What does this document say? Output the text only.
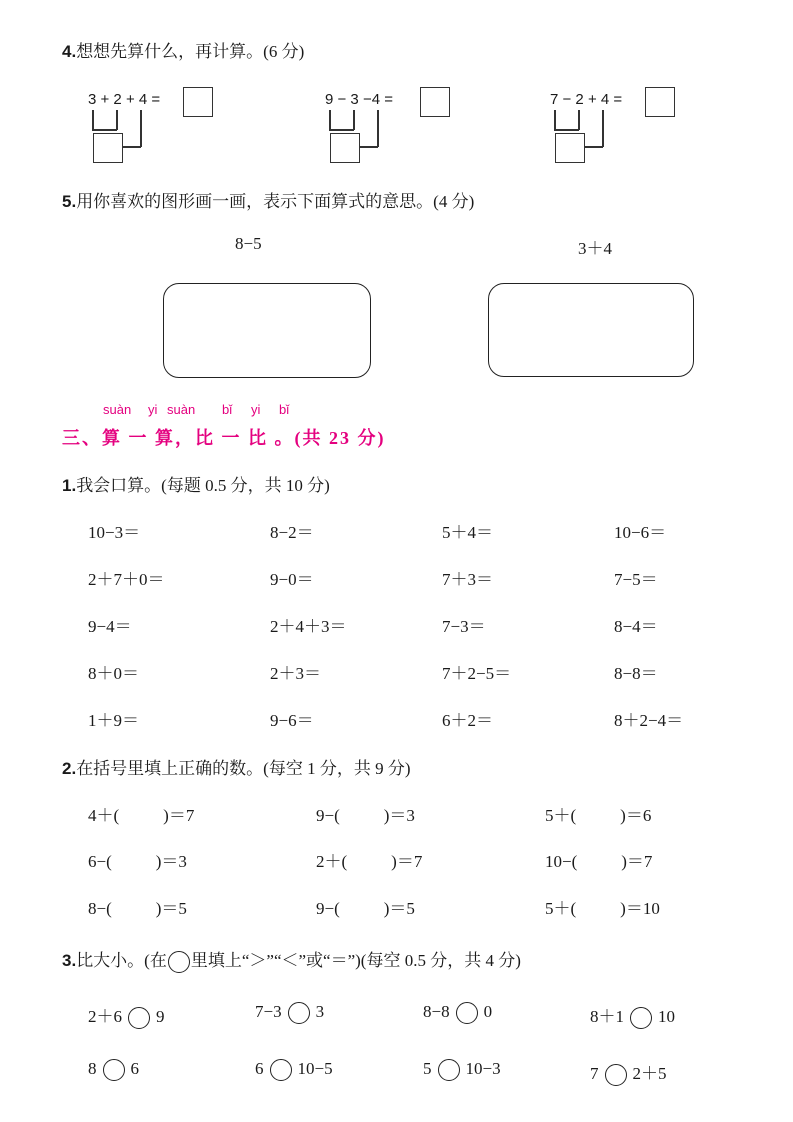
4.想想先算什么，再计算。(6 分)
3 + 2 + 4 =	9 − 3 −4 =	7 − 2 + 4 =
5.用你喜欢的图形画一画，表示下面算式的意思。(4 分)
8−5	3＋4
suàn yi suàn bǐ yi bǐ
三、算 一 算，比 一 比 。(共 23 分)
1.我会口算。(每题 0.5 分，共 10 分)
10−3＝	8−2＝	5＋4＝	10−6＝
2＋7＋0＝	9−0＝	7＋3＝	7−5＝
9−4＝	2＋4＋3＝	7−3＝	8−4＝
8＋0＝	2＋3＝	7＋2−5＝	8−8＝
1＋9＝	9−6＝	6＋2＝	8＋2−4＝
2.在括号里填上正确的数。(每空 1 分，共 9 分)
4＋(	)＝7	9−(	)＝3	5＋(	)＝6
6−(	)＝3	2＋(	)＝7	10−(	)＝7
8−(	)＝5	9−(	)＝5	5＋(	)＝10
3.比大小。(在 里填上“＞”“＜”或“＝”)(每空 0.5 分，共 4 分)
2＋6 9	7−3 3	8−8 0	8＋1 10
8 6	6 10−5	5 10−3	7 2＋5
